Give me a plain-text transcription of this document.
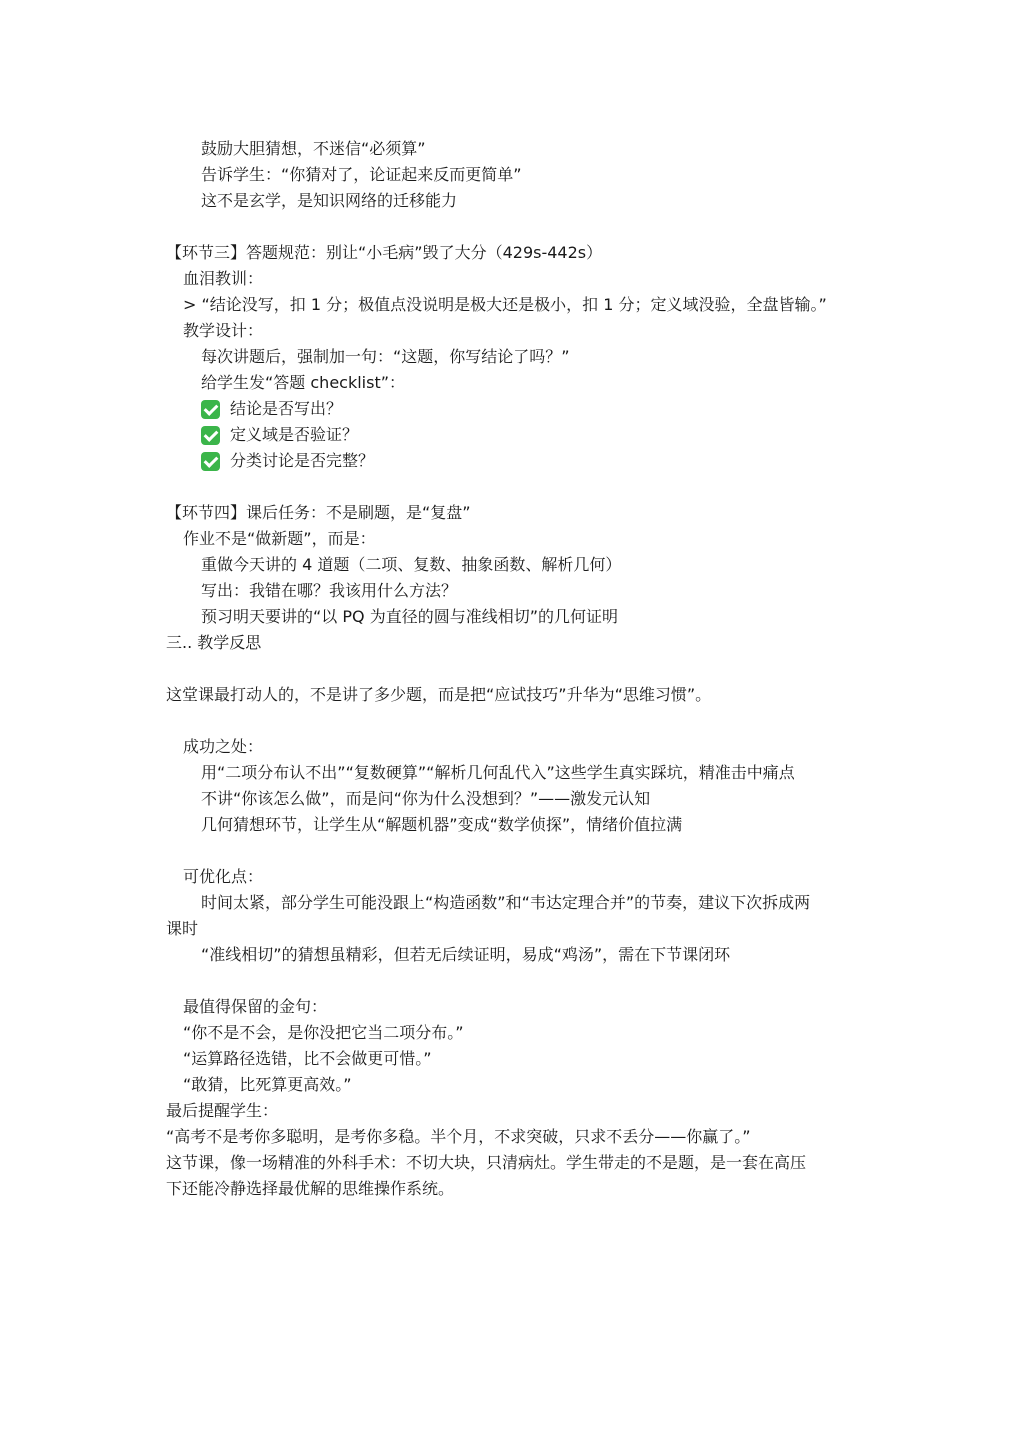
鼓励大胆猜想，不迷信“必须算”
告诉学生：“你猜对了，论证起来反而更简单”
这不是玄学，是知识网络的迁移能力
【环节三】答题规范：别让“小毛病”毁了大分（429s-442s）
血泪教训：
> “结论没写，扣 1 分；极值点没说明是极大还是极小，扣 1 分；定义域没验，全盘皆输。”
教学设计：
每次讲题后，强制加一句：“这题，你写结论了吗？”
给学生发“答题 checklist”：
结论是否写出？
定义域是否验证？
分类讨论是否完整？
【环节四】课后任务：不是刷题，是“复盘”
作业不是“做新题”，而是：
重做今天讲的 4 道题（二项、复数、抽象函数、解析几何）
写出：我错在哪？我该用什么方法？
预习明天要讲的“以 PQ 为直径的圆与准线相切”的几何证明
三.. 教学反思
这堂课最打动人的，不是讲了多少题，而是把“应试技巧”升华为“思维习惯”。
成功之处：
用“二项分布认不出”“复数硬算”“解析几何乱代入”这些学生真实踩坑，精准击中痛点
不讲“你该怎么做”，而是问“你为什么没想到？”——激发元认知
几何猜想环节，让学生从“解题机器”变成“数学侦探”，情绪价值拉满
可优化点：
时间太紧，部分学生可能没跟上“构造函数”和“韦达定理合并”的节奏，建议下次拆成两
课时
“准线相切”的猜想虽精彩，但若无后续证明，易成“鸡汤”，需在下节课闭环
最值得保留的金句：
“你不是不会，是你没把它当二项分布。”
“运算路径选错，比不会做更可惜。”
“敢猜，比死算更高效。”
最后提醒学生：
“高考不是考你多聪明，是考你多稳。半个月，不求突破，只求不丢分——你赢了。”
这节课，像一场精准的外科手术：不切大块，只清病灶。学生带走的不是题，是一套在高压
下还能冷静选择最优解的思维操作系统。
